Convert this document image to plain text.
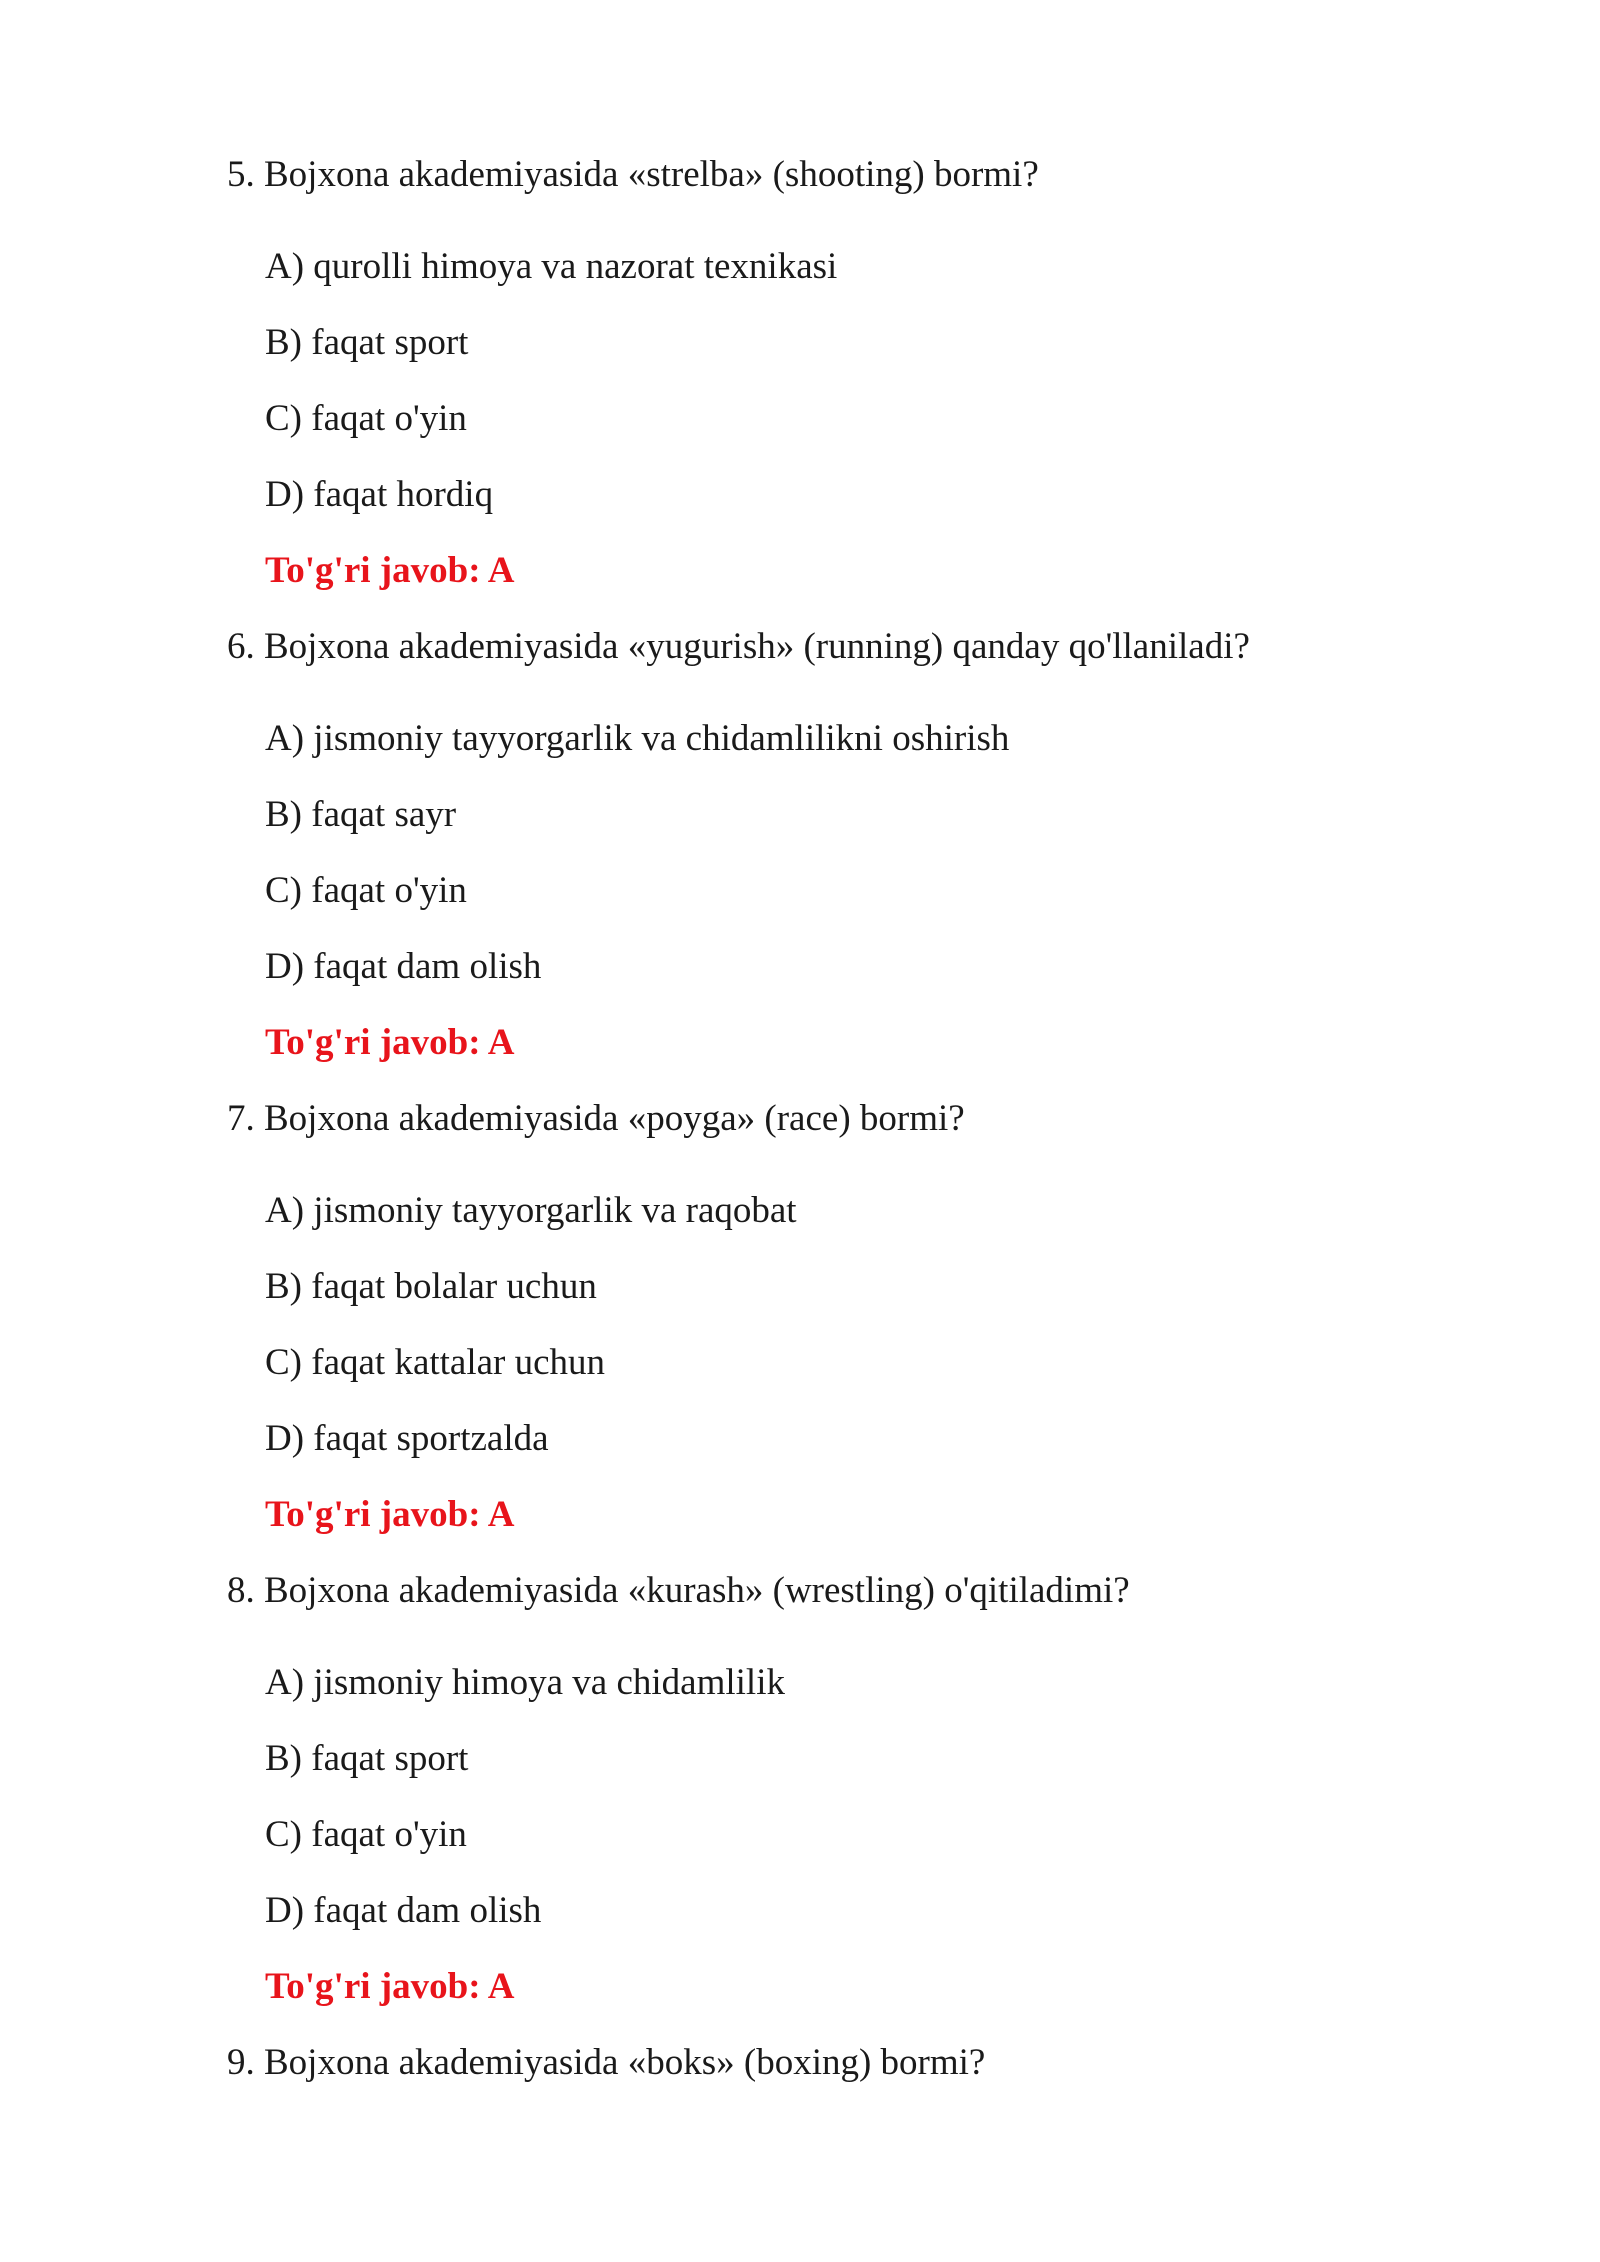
5. Bojxona akademiyasida «strelba» (shooting) bormi?

A) qurolli himoya va nazorat texnikasi

B) faqat sport

C) faqat o'yin

D) faqat hordiq

To'g'ri javob: A

6. Bojxona akademiyasida «yugurish» (running) qanday qo'llaniladi?

A) jismoniy tayyorgarlik va chidamlilikni oshirish

B) faqat sayr

C) faqat o'yin

D) faqat dam olish

To'g'ri javob: A

7. Bojxona akademiyasida «poyga» (race) bormi?

A) jismoniy tayyorgarlik va raqobat

B) faqat bolalar uchun

C) faqat kattalar uchun

D) faqat sportzalda

To'g'ri javob: A

8. Bojxona akademiyasida «kurash» (wrestling) o'qitiladimi?

A) jismoniy himoya va chidamlilik

B) faqat sport

C) faqat o'yin

D) faqat dam olish

To'g'ri javob: A

9. Bojxona akademiyasida «boks» (boxing) bormi?
